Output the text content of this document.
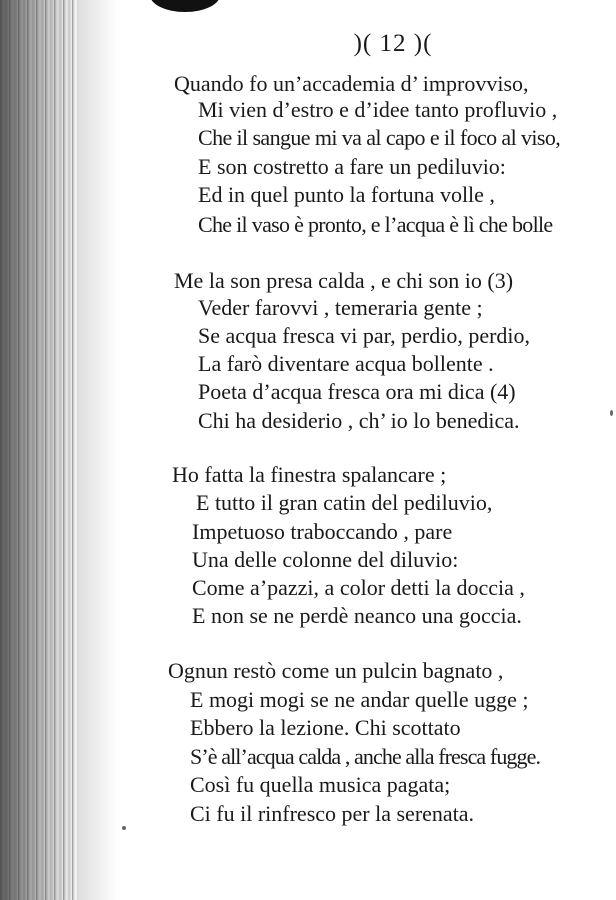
)( 12 )(
Quando fo un’accademia d’ improvviso,
Mi vien d’estro e d’idee tanto profluvio ,
Che il sangue mi va al capo e il foco al viso,
E son costretto a fare un pediluvio:
Ed in quel punto la fortuna volle ,
Che il vaso è pronto, e l’acqua è lì che bolle
Me la son presa calda , e chi son io (3)
Veder farovvi , temeraria gente ;
Se acqua fresca vi par, perdio, perdio,
La farò diventare acqua bollente .
Poeta d’acqua fresca ora mi dica (4)
Chi ha desiderio , ch’ io lo benedica.
Ho fatta la finestra spalancare ;
E tutto il gran catin del pediluvio,
Impetuoso traboccando , pare
Una delle colonne del diluvio:
Come a’pazzi, a color detti la doccia ,
E non se ne perdè neanco una goccia.
Ognun restò come un pulcin bagnato ,
E mogi mogi se ne andar quelle ugge ;
Ebbero la lezione. Chi scottato
S’è all’acqua calda , anche alla fresca fugge.
Così fu quella musica pagata;
Ci fu il rinfresco per la serenata.
